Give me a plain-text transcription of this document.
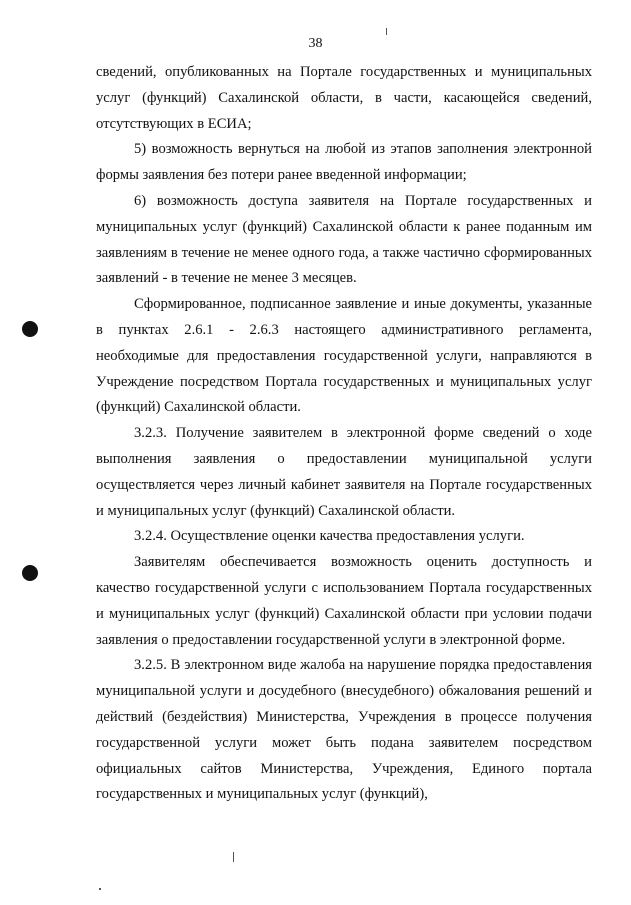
38

сведений, опубликованных на Портале государственных и муниципальных услуг (функций) Сахалинской области, в части, касающейся сведений, отсутствующих в ЕСИА;

5) возможность вернуться на любой из этапов заполнения электронной формы заявления без потери ранее введенной информации;

6) возможность доступа заявителя на Портале государственных и муниципальных услуг (функций) Сахалинской области к ранее поданным им заявлениям в течение не менее одного года, а также частично сформированных заявлений - в течение не менее 3 месяцев.

Сформированное, подписанное заявление и иные документы, указанные в пунктах 2.6.1 - 2.6.3 настоящего административного регламента, необходимые для предоставления государственной услуги, направляются в Учреждение посредством Портала государственных и муниципальных услуг (функций) Сахалинской области.

3.2.3. Получение заявителем в электронной форме сведений о ходе выполнения заявления о предоставлении муниципальной услуги осуществляется через личный кабинет заявителя на Портале государственных и муниципальных услуг (функций) Сахалинской области.

3.2.4. Осуществление оценки качества предоставления услуги.

Заявителям обеспечивается возможность оценить доступность и качество государственной услуги с использованием Портала государственных и муниципальных услуг (функций) Сахалинской области при условии подачи заявления о предоставлении государственной услуги в электронной форме.

3.2.5. В электронном виде жалоба на нарушение порядка предоставления муниципальной услуги и досудебного (внесудебного) обжалования решений и действий (бездействия) Министерства, Учреждения в процессе получения государственной услуги может быть подана заявителем посредством официальных сайтов Министерства, Учреждения, Единого портала государственных и муниципальных услуг (функций),
